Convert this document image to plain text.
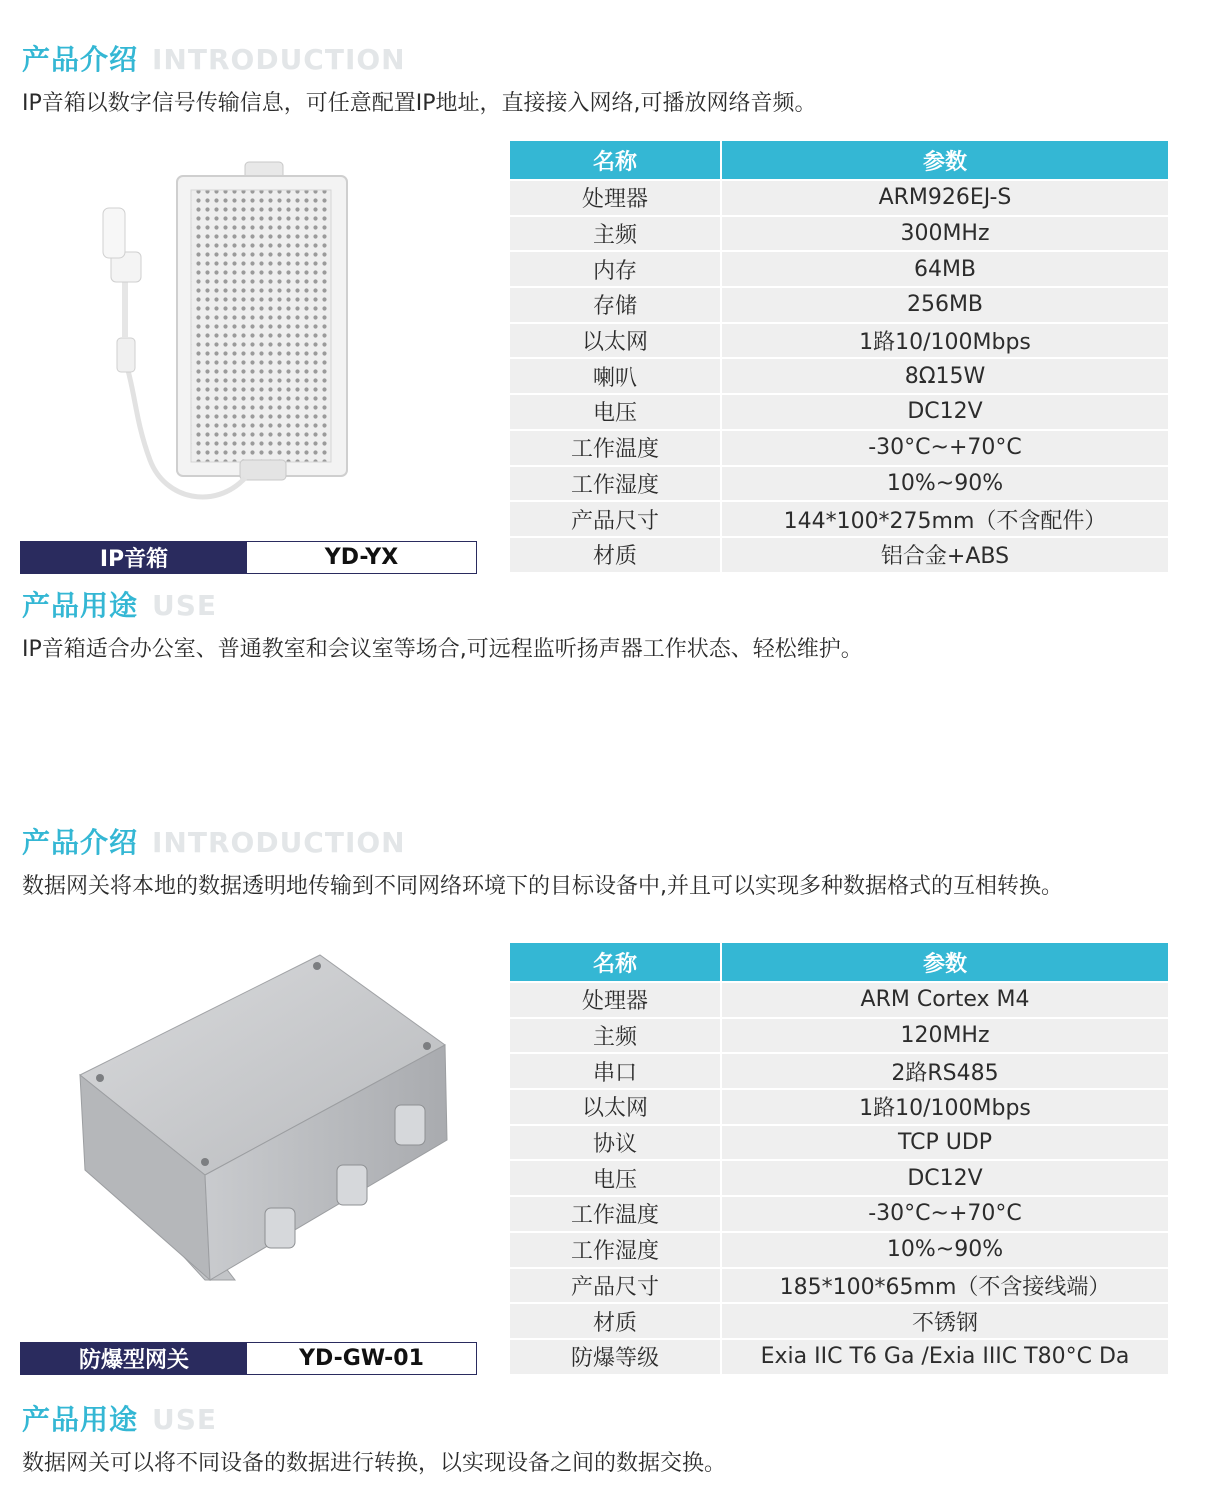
产品介绍 INTRODUCTION
IP音箱以数字信号传输信息，可任意配置IP地址，直接接入网络,可播放网络音频。
IP音箱	YD-YX
名称	参数
处理器	ARM926EJ-S
主频	300MHz
内存	64MB
存储	256MB
以太网	1路10/100Mbps
喇叭	8Ω15W
电压	DC12V
工作温度	-30°C~+70°C
工作湿度	10%~90%
产品尺寸	144*100*275mm（不含配件）
材质	铝合金+ABS
产品用途 USE
IP音箱适合办公室、普通教室和会议室等场合,可远程监听扬声器工作状态、轻松维护。
产品介绍 INTRODUCTION
数据网关将本地的数据透明地传输到不同网络环境下的目标设备中,并且可以实现多种数据格式的互相转换。
防爆型网关	YD-GW-01
名称	参数
处理器	ARM Cortex M4
主频	120MHz
串口	2路RS485
以太网	1路10/100Mbps
协议	TCP UDP
电压	DC12V
工作温度	-30°C~+70°C
工作湿度	10%~90%
产品尺寸	185*100*65mm（不含接线端）
材质	不锈钢
防爆等级	Exia IIC T6 Ga /Exia IIIC T80°C Da
产品用途 USE
数据网关可以将不同设备的数据进行转换，以实现设备之间的数据交换。
